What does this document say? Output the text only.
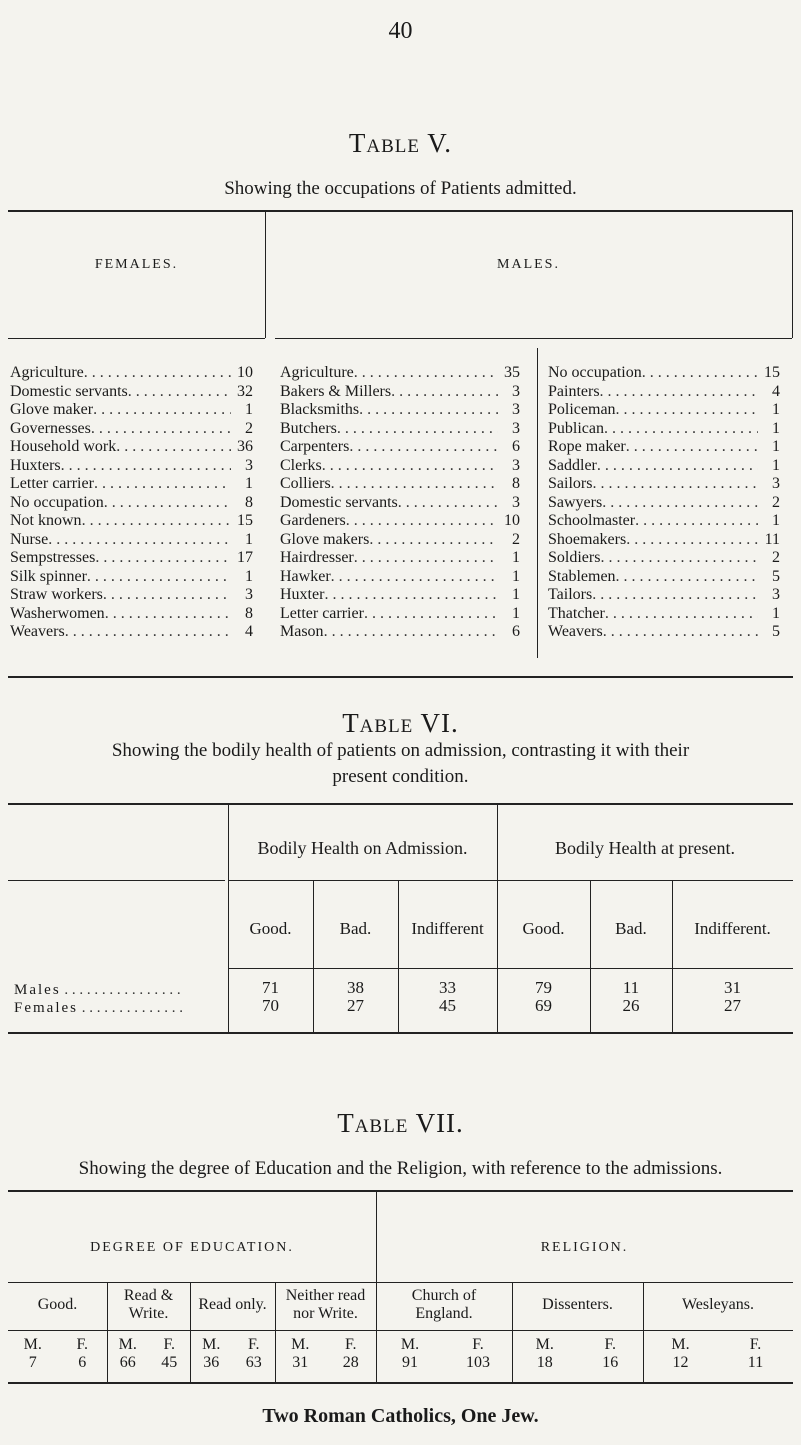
40
Table V.
Showing the occupations of Patients admitted.
FEMALES.	MALES.
Agriculture . . .	10
Domestic servants . . .	32
Glove maker . . .	1
Governesses . . .	2
Household work . . .	36
Huxters . . .	3
Letter carrier . . .	1
No occupation . . .	8
Not known . . .	15
Nurse . . .	1
Sempstresses . . .	17
Silk spinner . . .	1
Straw workers . . .	3
Washerwomen . . .	8
Weavers . . .	4
Agriculture . . .	35
Bakers & Millers . . .	3
Blacksmiths . . .	3
Butchers . . .	3
Carpenters . . .	6
Clerks . . .	3
Colliers . . .	8
Domestic servants . . .	3
Gardeners . . .	10
Glove makers . . .	2
Hairdresser . . .	1
Hawker . . .	1
Huxter . . .	1
Letter carrier . . .	1
Mason . . .	6
No occupation . . .	15
Painters . . .	4
Policeman . . .	1
Publican . . .	1
Rope maker . . .	1
Saddler . . .	1
Sailors . . .	3
Sawyers . . .	2
Schoolmaster . . .	1
Shoemakers . . .	11
Soldiers . . .	2
Stablemen . . .	5
Tailors . . .	3
Thatcher . . .	1
Weavers . . .	5
Table VI.
Showing the bodily health of patients on admission, contrasting it with their
present condition.
Bodily Health on Admission.	Bodily Health at present.
Good.	Bad.	Indifferent	Good.	Bad.	Indifferent.
Males . . . . . . . . . . . . . . . .
Females . . . . . . . . . . . . . .
71	38	33	79	11	31
70	27	45	69	26	27
Table VII.
Showing the degree of Education and the Religion, with reference to the admissions.
DEGREE OF EDUCATION.	RELIGION.
Good.
M.	F.
7	6
Read &
Write.
M.	F.
66	45
Read only.
M.	F.
36	63
Neither read
nor Write.
M.	F.
31	28
Church of
England.
M.	F.
91	103
Dissenters.
M.	F.
18	16
Wesleyans.
M.	F.
12	11
Two Roman Catholics, One Jew.
